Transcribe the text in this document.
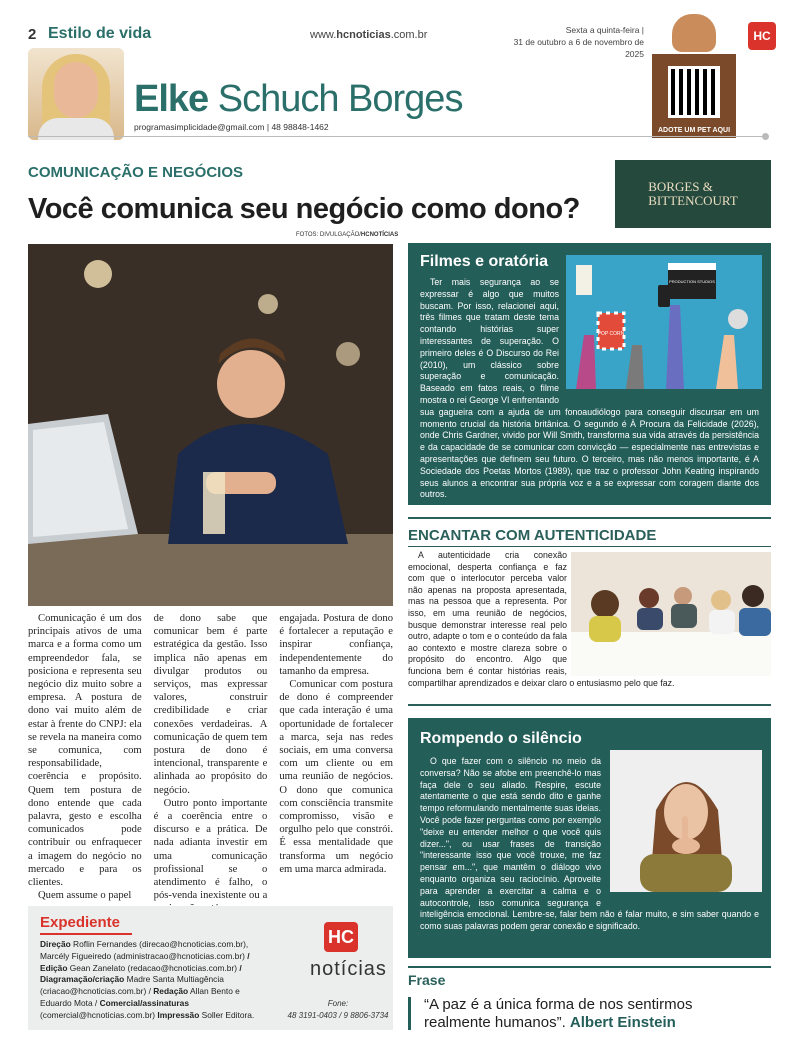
2 Estilo de vida	www.hcnoticias.com.br	Sexta a quinta-feira |
31 de outubro a 6 de novembro de 2025
ADOTE UM PET AQUI
HC
Elke Schuch Borges
programasimplicidade@gmail.com | 48 98848-1462
COMUNICAÇÃO E NEGÓCIOS
Você comunica seu negócio como dono?
FOTOS: DIVULGAÇÃO/HCNOTÍCIAS
BORGES &
BITTENCOURT

Comunicação é um dos principais ativos de uma marca e a forma como um empreendedor fala, se posiciona e representa seu negócio diz muito sobre a empresa. A postura de dono vai muito além de estar à frente do CNPJ: ela se revela na maneira como se comunica, com responsabilidade, coerência e propósito. Quem tem postura de dono entende que cada palavra, gesto e escolha comunicados pode contribuir ou enfraquecer a imagem do negócio no mercado e para os clientes.

Quem assume o papel

de dono sabe que comunicar bem é parte estratégica da gestão. Isso implica não apenas em divulgar produtos ou serviços, mas expressar valores, construir credibilidade e criar conexões verdadeiras. A comunicação de quem tem postura de dono é intencional, transparente e alinhada ao propósito do negócio.

Outro ponto importante é a coerência entre o discurso e a prática. De nada adianta investir em uma comunicação profissional se o atendimento é falho, o pós-venda inexistente ou a

engajada. Postura de dono é fortalecer a reputação e inspirar confiança, independentemente do tamanho da empresa.

Comunicar com postura de dono é compreender que cada interação é uma oportunidade de fortalecer a marca, seja nas redes sociais, em uma conversa com um cliente ou em uma reunião de negócios. O dono que comunica com consciência transmite compromisso, visão e orgulho pelo que constrói. É essa mentalidade que transforma um negócio em uma marca admirada.

Filmes e oratória
POP CORN
PRODUCTION STUDIOS
Ter mais segurança ao se expressar é algo que muitos buscam. Por isso, relacionei aqui, três filmes que tratam deste tema contando histórias super interessantes de superação. O primeiro deles é O Discurso do Rei (2010), um clássico sobre superação e comunicação. Baseado em fatos reais, o filme mostra o rei George VI enfrentando sua gagueira com a ajuda de um fonoaudiólogo para conseguir discursar em um momento crucial da história britânica. O segundo é À Procura da Felicidade (2026), onde Chris Gardner, vivido por Will Smith, transforma sua vida através da persistência e da capacidade de se comunicar com convicção — especialmente nas entrevistas e apresentações que definem seu futuro. O terceiro, mas não menos importante, é A Sociedade dos Poetas Mortos (1989), que traz o professor John Keating inspirando seus alunos a encontrar sua própria voz e a se expressar com coragem diante dos outros.
ENCANTAR COM AUTENTICIDADE
A autenticidade cria conexão emocional, desperta confiança e faz com que o interlocutor perceba valor não apenas na proposta apresentada, mas na pessoa que a representa. Por isso, em uma reunião de negócios, busque demonstrar interesse real pelo outro, adapte o tom e o conteúdo da fala ao contexto e mostre clareza sobre o propósito do encontro. Algo que funciona bem é contar histórias reais, compartilhar aprendizados e deixar claro o entusiasmo pelo que faz.
Rompendo o silêncio
O que fazer com o silêncio no meio da conversa? Não se afobe em preenchê-lo mas faça dele o seu aliado. Respire, escute atentamente o que está sendo dito e ganhe tempo reformulando mentalmente suas ideias. Você pode fazer perguntas como por exemplo "deixe eu entender melhor o que você quis dizer...", ou usar frases de transição "interessante isso que você trouxe, me faz pensar em...", que mantêm o diálogo vivo enquanto organiza seu raciocínio. Aproveite para aprender a exercitar a calma e o autocontrole, isso comunica segurança e inteligência emocional. Lembre-se, falar bem não é falar muito, e sim saber quando e como suas palavras podem gerar conexão e significado.
Frase
“A paz é a única forma de nos sentirmos realmente humanos”. Albert Einstein
Expediente
Direção Roflin Fernandes (direcao@hcnoticias.com.br), Marcély Figueiredo (administracao@hcnoticias.com.br) / Edição Gean Zanelato (redacao@hcnoticias.com.br) / Diagramação/criação Madre Santa Multiagência (criacao@hcnoticias.com.br) / Redação Allan Bento e Eduardo Mota / Comercial/assinaturas (comercial@hcnoticias.com.br) Impressão Soller Editora.
HC
notícias
Fone:
48 3191-0403 / 9 8806-3734
